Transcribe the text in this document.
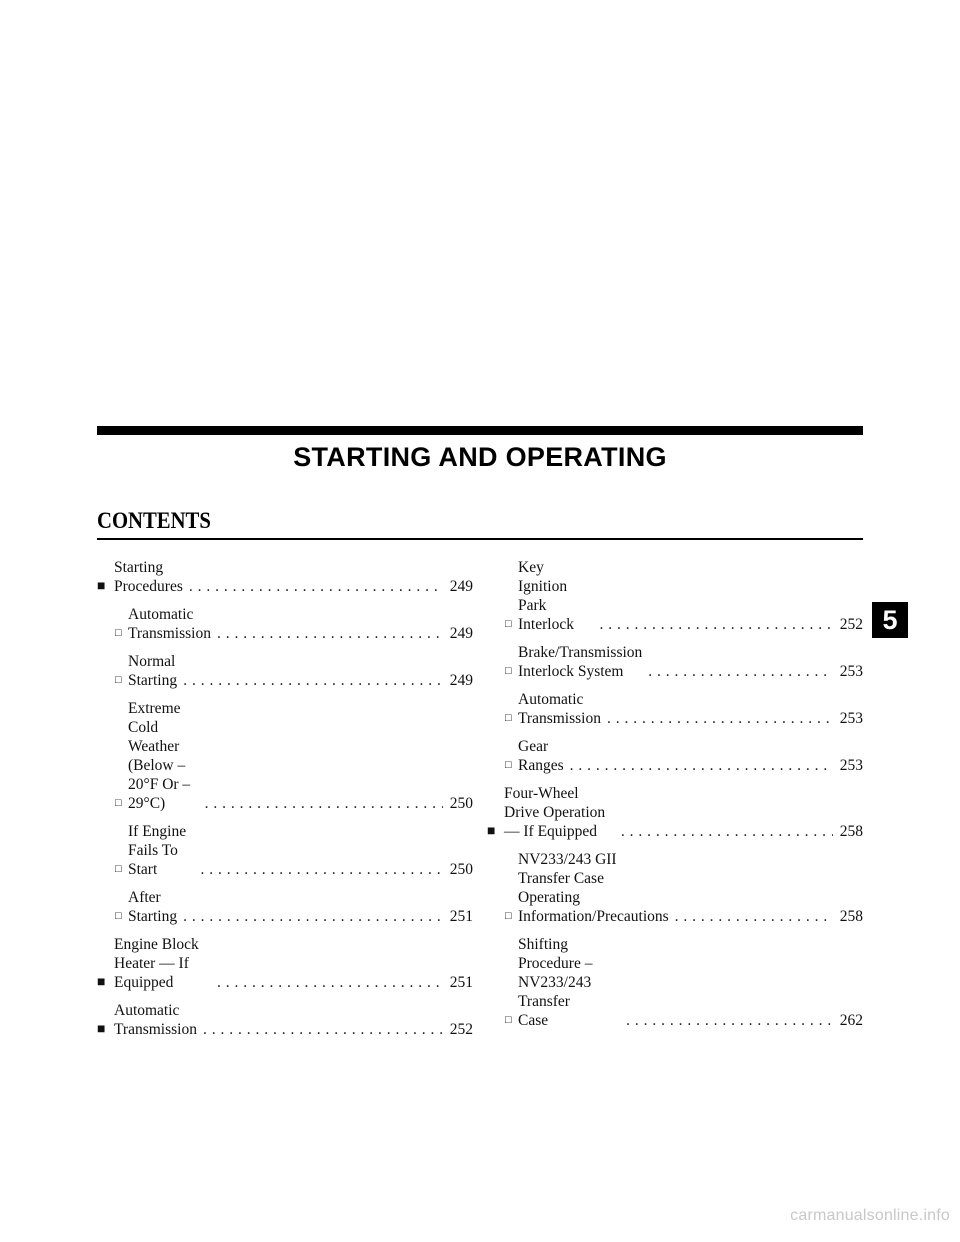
STARTING AND OPERATING
CONTENTS
■
Starting Procedures . . .	249
□
Automatic Transmission . . .	249
□
Normal Starting . . .	249
□
Extreme Cold Weather
(Below –20°F Or –29°C) . . .	250
□
If Engine Fails To Start . . .	250
□
After Starting . . .	251
■
Engine Block Heater — If Equipped . . .	251
■
Automatic Transmission . . .	252
□
Key Ignition Park Interlock . . .	252
□
Brake/Transmission Interlock System . . .	253
□
Automatic Transmission . . .	253
□
Gear Ranges . . .	253
■
Four-Wheel Drive Operation — If Equipped . . .	258
□
NV233/243 GII Transfer Case Operating
Information/Precautions . . .	258
□
Shifting Procedure – NV233/243 Transfer
Case . . .	262
5
carmanualsonline.info
